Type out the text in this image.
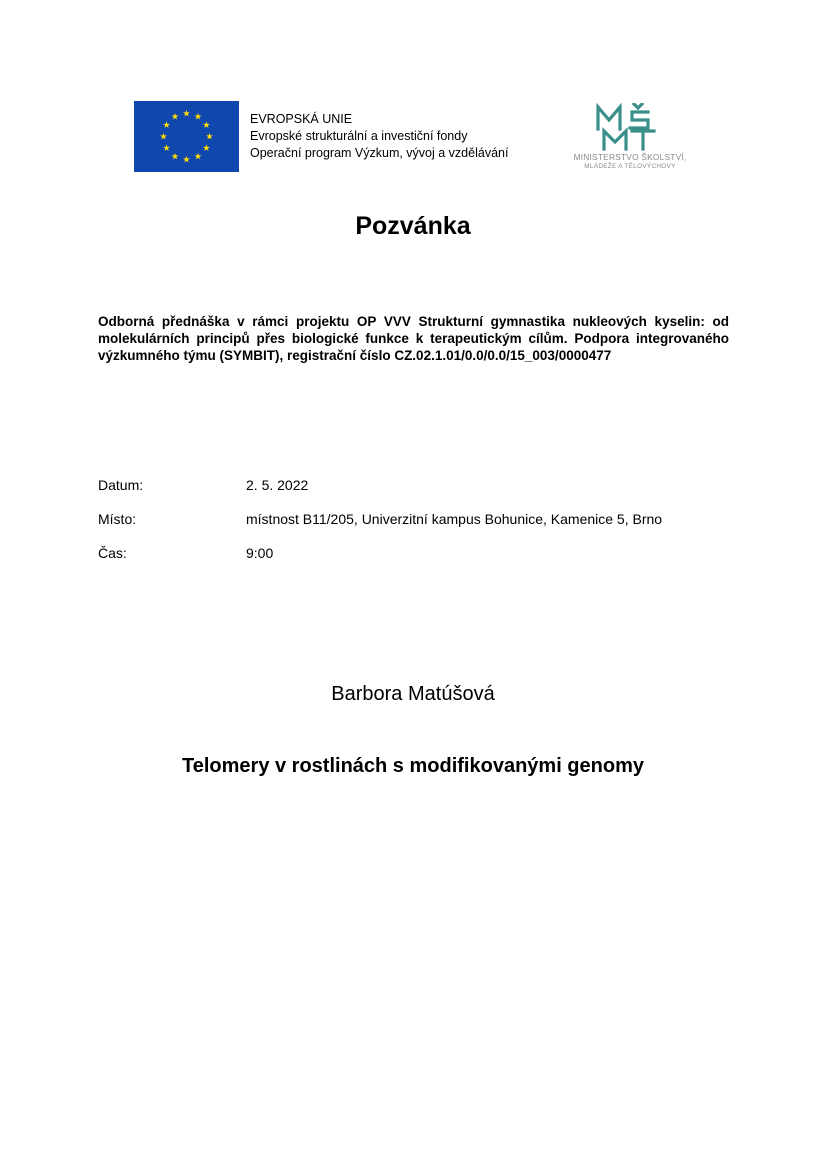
EVROPSKÁ UNIE
Evropské strukturální a investiční fondy
Operační program Výzkum, vývoj a vzdělávání	MINISTERSTVO ŠKOLSTVÍ,
MLÁDEŽE A TĚLOVÝCHOVY
Pozvánka
Odborná přednáška v rámci projektu OP VVV Strukturní gymnastika nukleových kyselin: od molekulárních principů přes biologické funkce k terapeutickým cílům. Podpora integrovaného výzkumného týmu (SYMBIT), registrační číslo CZ.02.1.01/0.0/0.0/15_003/0000477
Datum:	2. 5. 2022
Místo:	místnost B11/205, Univerzitní kampus Bohunice, Kamenice 5, Brno
Čas:	9:00
Barbora Matúšová
Telomery v rostlinách s modifikovanými genomy
